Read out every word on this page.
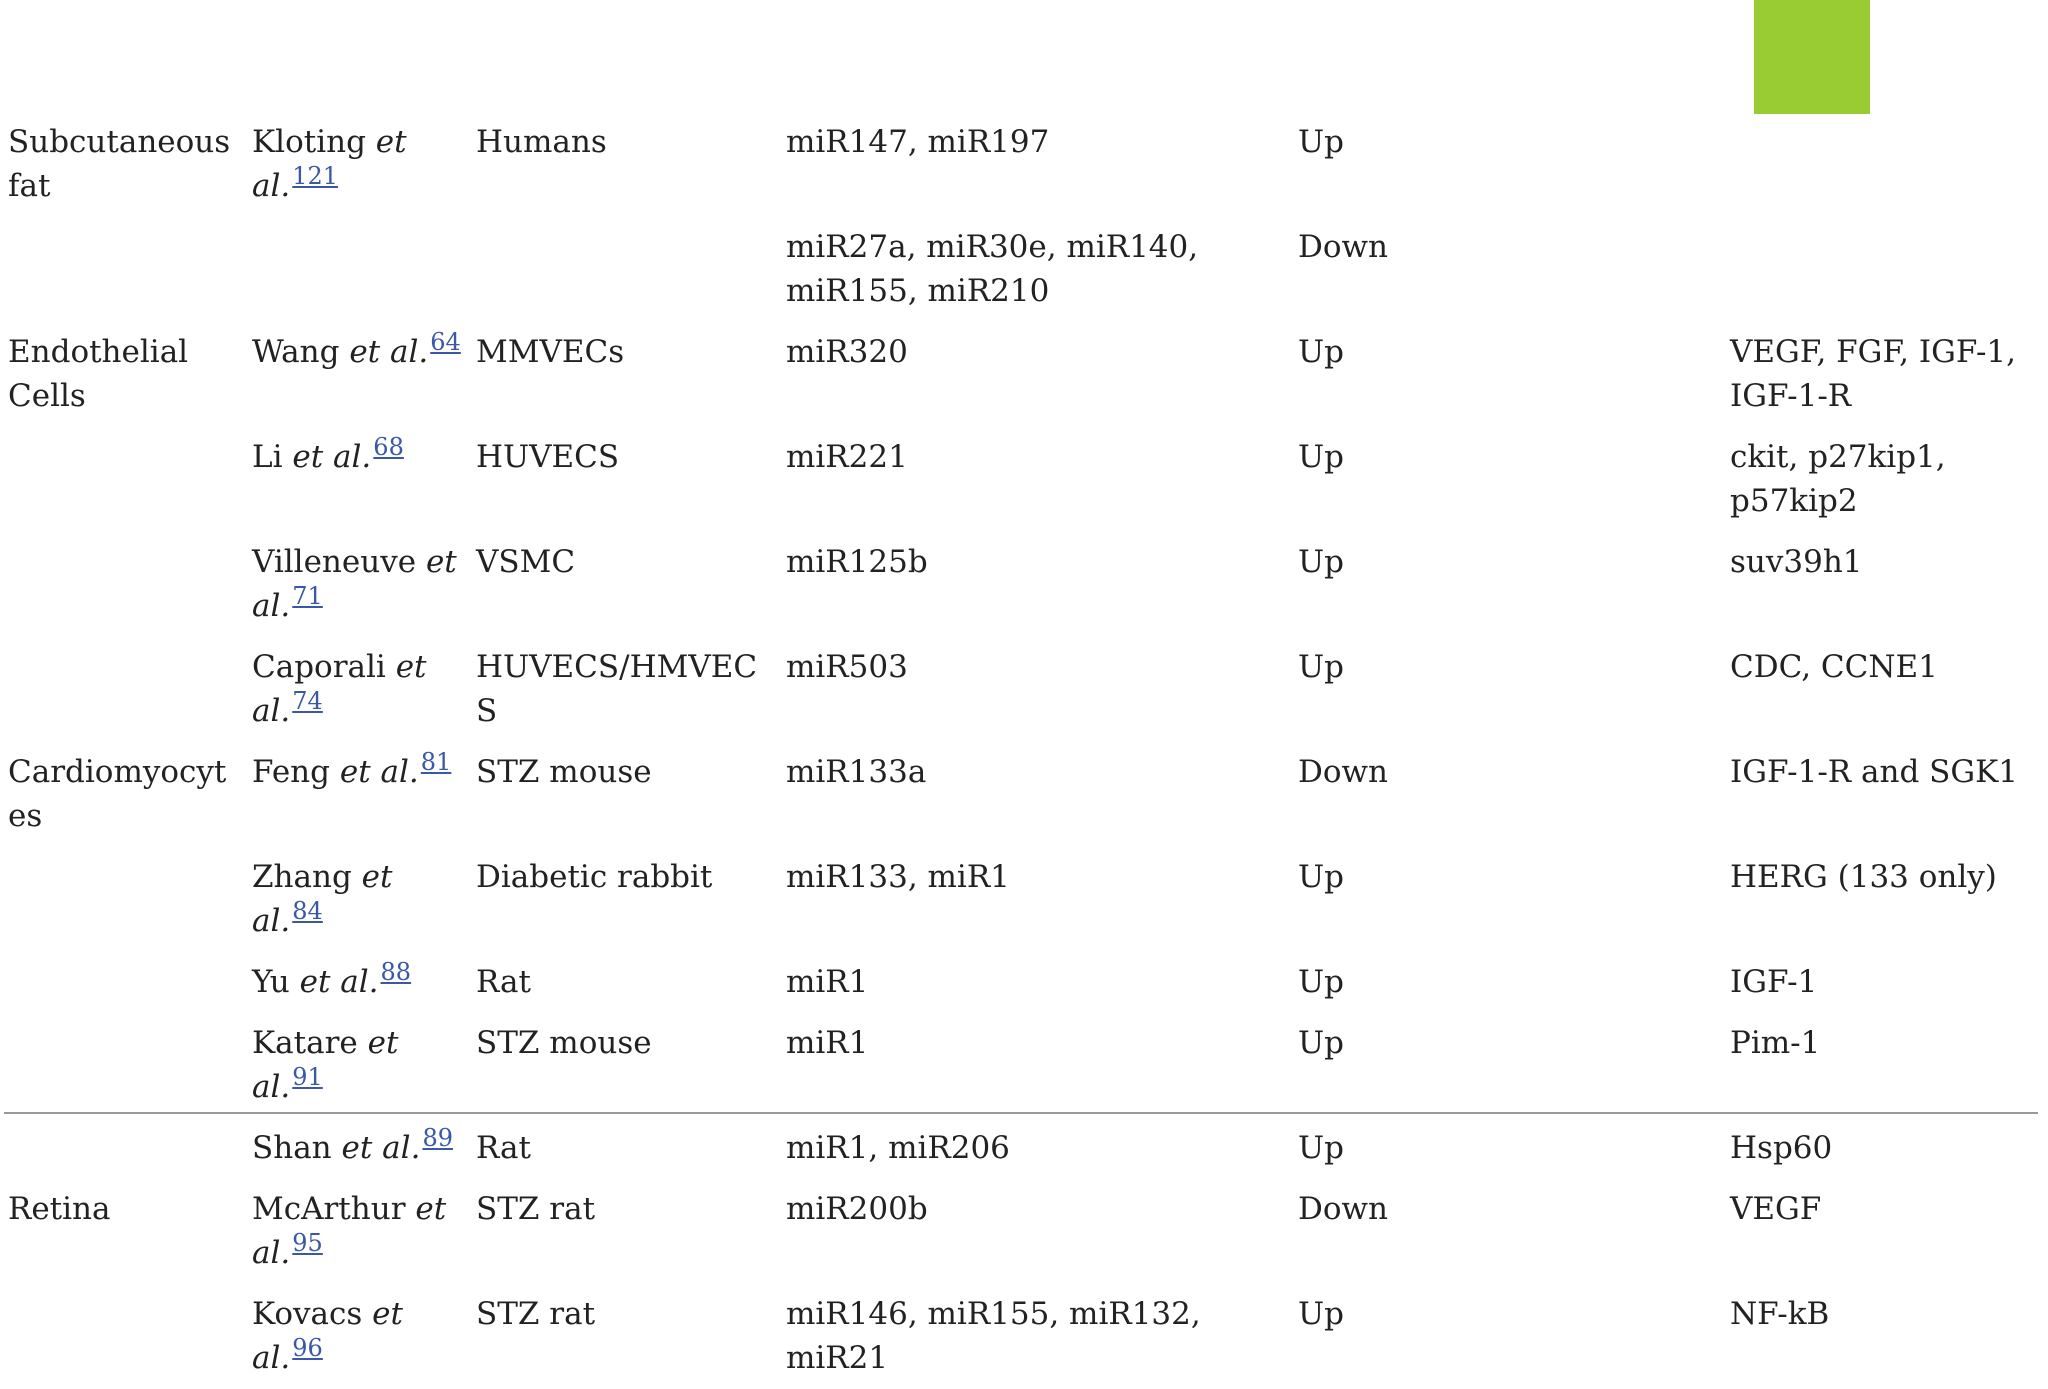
Subcutaneous fat	Kloting et al.$^{121}$	Humans	miR147, miR197	Up	
			miR27a, miR30e, miR140, miR155, miR210	Down	
Endothelial Cells	Wang et al.$^{64}$	MMVECs	miR320	Up	VEGF, FGF, IGF-1, IGF-1-R
	Li et al.$^{68}$	HUVECS	miR221	Up	ckit, p27kip1, p57kip2
	Villeneuve et al.$^{71}$	VSMC	miR125b	Up	suv39h1
	Caporali et al.$^{74}$	HUVECS/HMVECS	miR503	Up	CDC, CCNE1
Cardiomyocytes	Feng et al.$^{81}$	STZ mouse	miR133a	Down	IGF-1-R and SGK1
	Zhang et al.$^{84}$	Diabetic rabbit	miR133, miR1	Up	HERG (133 only)
	Yu et al.$^{88}$	Rat	miR1	Up	IGF-1
	Katare et al.$^{91}$	STZ mouse	miR1	Up	Pim-1
	Shan et al.$^{89}$	Rat	miR1, miR206	Up	Hsp60
Retina	McArthur et al.$^{95}$	STZ rat	miR200b	Down	VEGF
	Kovacs et al.$^{96}$	STZ rat	miR146, miR155, miR132, miR21	Up	NF-kB
